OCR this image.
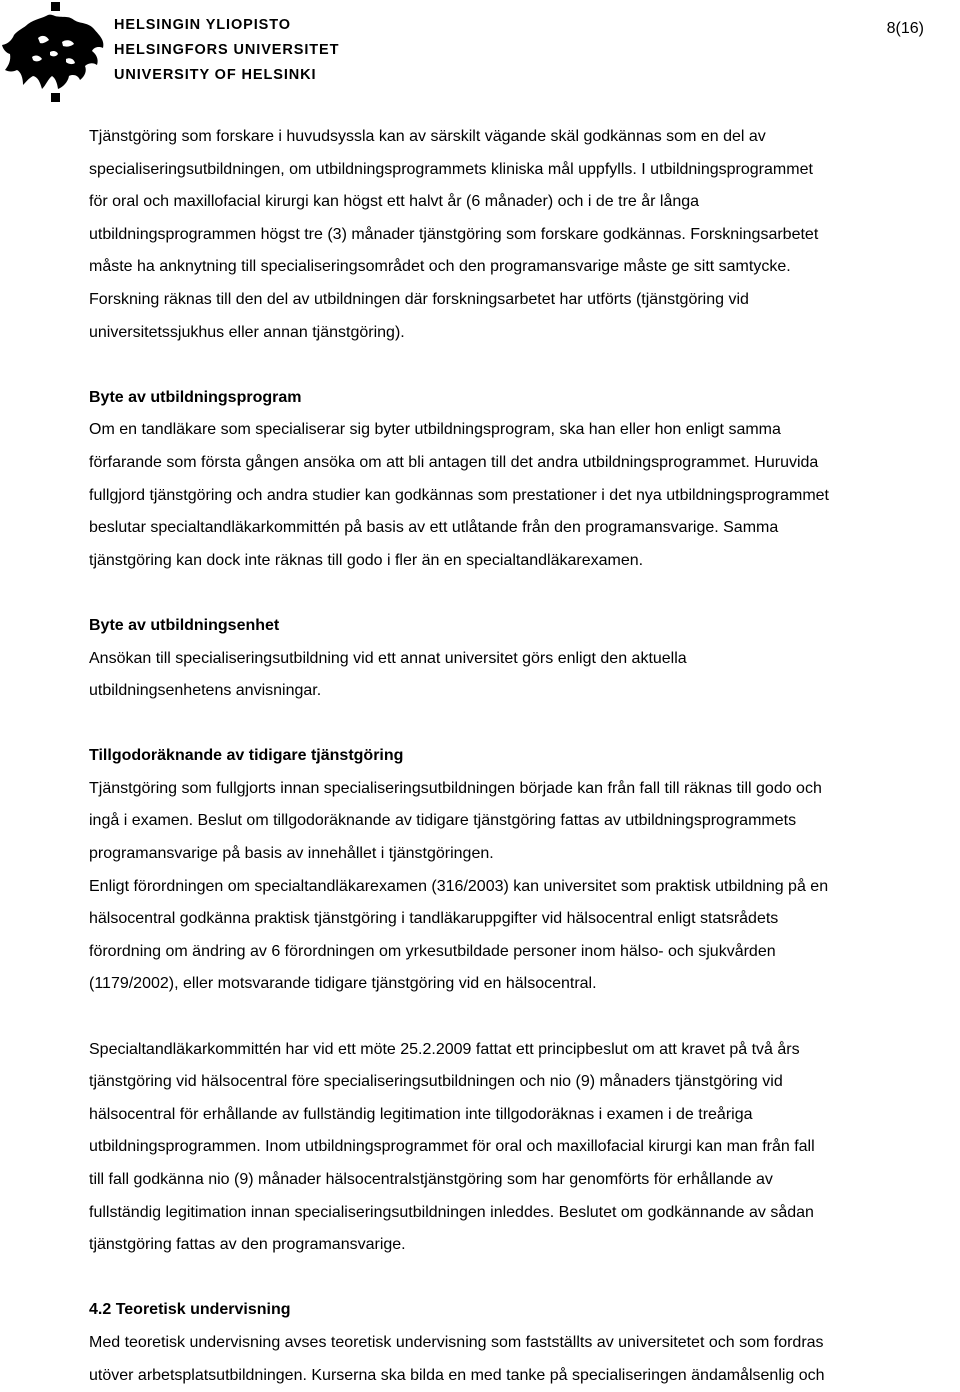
HELSINGIN YLIOPISTO
HELSINGFORS UNIVERSITET
UNIVERSITY OF HELSINKI
8(16)

Tjänstgöring som forskare i huvudsyssla kan av särskilt vägande skäl godkännas som en del av

specialiseringsutbildningen, om utbildningsprogrammets kliniska mål uppfylls. I utbildningsprogrammet

för oral och maxillofacial kirurgi kan högst ett halvt år (6 månader) och i de tre år långa

utbildningsprogrammen högst tre (3) månader tjänstgöring som forskare godkännas. Forskningsarbetet

måste ha anknytning till specialiseringsområdet och den programansvarige måste ge sitt samtycke.

Forskning räknas till den del av utbildningen där forskningsarbetet har utförts (tjänstgöring vid

universitetssjukhus eller annan tjänstgöring).

Byte av utbildningsprogram

Om en tandläkare som specialiserar sig byter utbildningsprogram, ska han eller hon enligt samma

förfarande som första gången ansöka om att bli antagen till det andra utbildningsprogrammet. Huruvida

fullgjord tjänstgöring och andra studier kan godkännas som prestationer i det nya utbildningsprogrammet

beslutar specialtandläkarkommittén på basis av ett utlåtande från den programansvarige. Samma

tjänstgöring kan dock inte räknas till godo i fler än en specialtandläkarexamen.

Byte av utbildningsenhet

Ansökan till specialiseringsutbildning vid ett annat universitet görs enligt den aktuella

utbildningsenhetens anvisningar.

Tillgodoräknande av tidigare tjänstgöring

Tjänstgöring som fullgjorts innan specialiseringsutbildningen började kan från fall till räknas till godo och

ingå i examen. Beslut om tillgodoräknande av tidigare tjänstgöring fattas av utbildningsprogrammets

programansvarige på basis av innehållet i tjänstgöringen.

Enligt förordningen om specialtandläkarexamen (316/2003) kan universitet som praktisk utbildning på en

hälsocentral godkänna praktisk tjänstgöring i tandläkaruppgifter vid hälsocentral enligt statsrådets

förordning om ändring av 6 förordningen om yrkesutbildade personer inom hälso- och sjukvården

(1179/2002), eller motsvarande tidigare tjänstgöring vid en hälsocentral.

Specialtandläkarkommittén har vid ett möte 25.2.2009 fattat ett principbeslut om att kravet på två års

tjänstgöring vid hälsocentral före specialiseringsutbildningen och nio (9) månaders tjänstgöring vid

hälsocentral för erhållande av fullständig legitimation inte tillgodoräknas i examen i de treåriga

utbildningsprogrammen. Inom utbildningsprogrammet för oral och maxillofacial kirurgi kan man från fall

till fall godkänna nio (9) månader hälsocentralstjänstgöring som har genomförts för erhållande av

fullständig legitimation innan specialiseringsutbildningen inleddes. Beslutet om godkännande av sådan

tjänstgöring fattas av den programansvarige.

4.2 Teoretisk undervisning

Med teoretisk undervisning avses teoretisk undervisning som fastställts av universitetet och som fordras

utöver arbetsplatsutbildningen. Kurserna ska bilda en med tanke på specialiseringen ändamålsenlig och
